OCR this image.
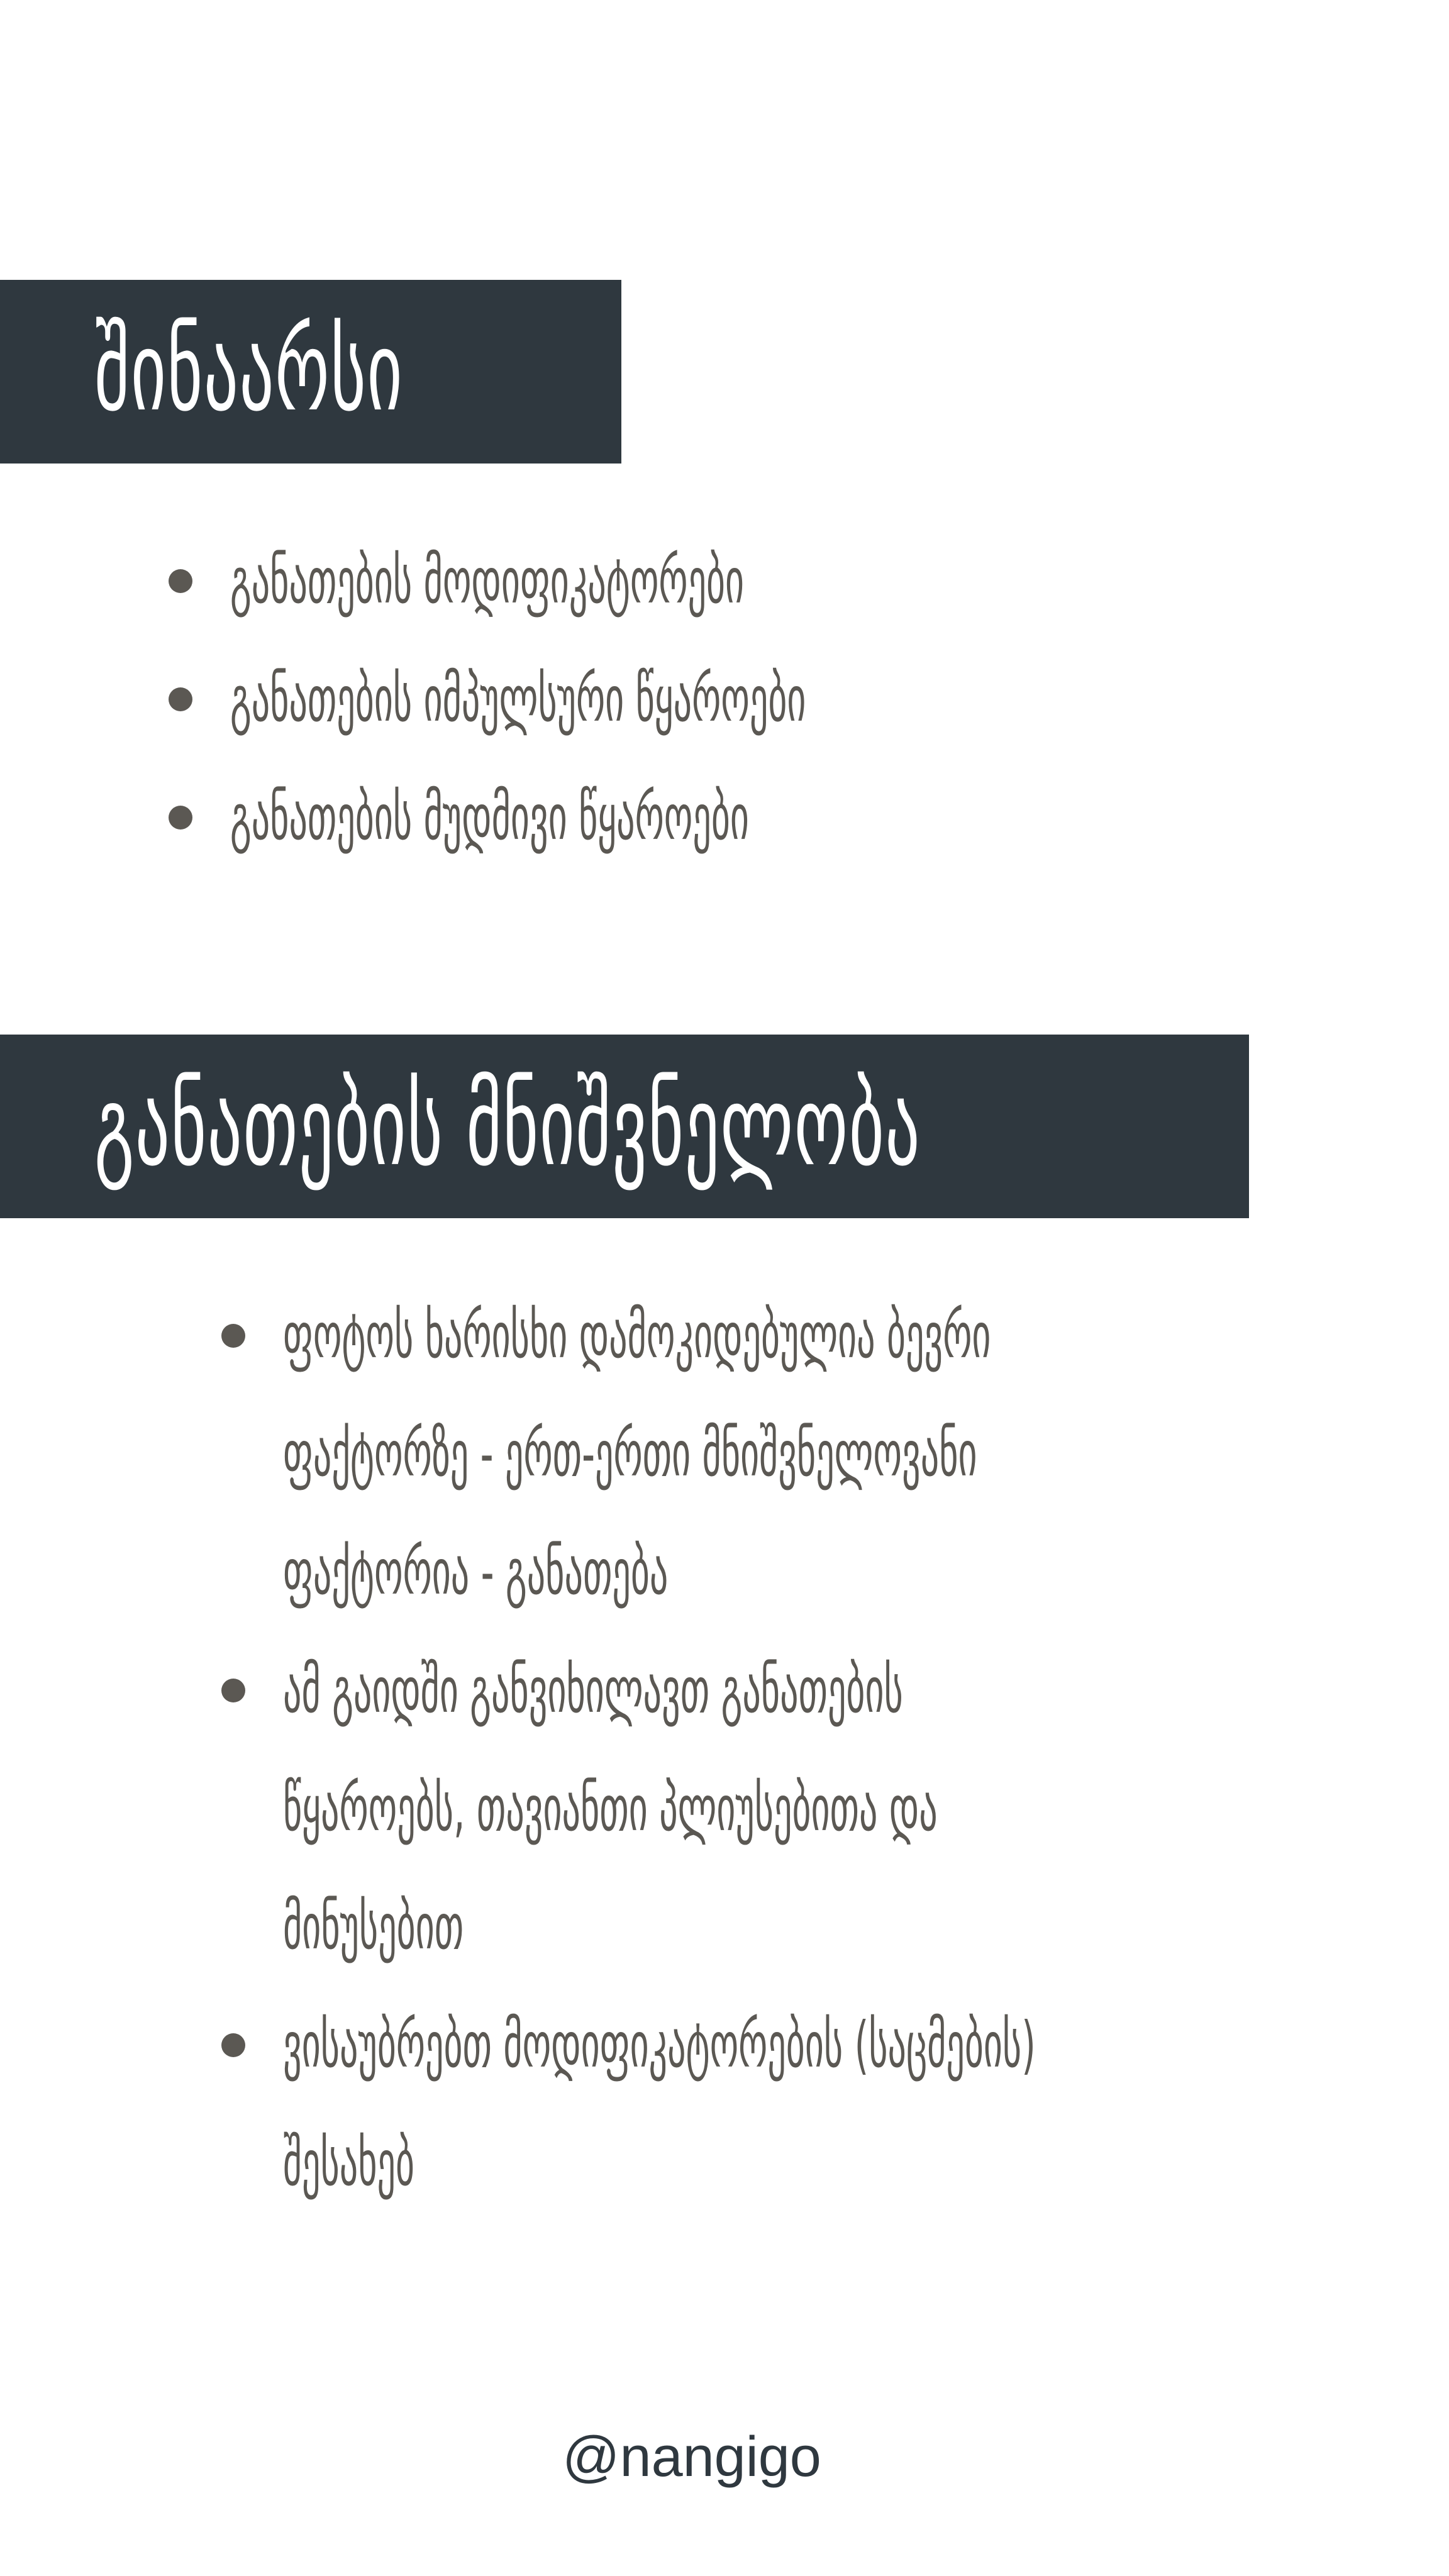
შინაარსი
განათების მოდიფიკატორები
განათების იმპულსური წყაროები
განათების მუდმივი წყაროები
განათების მნიშვნელობა
ფოტოს ხარისხი დამოკიდებულია ბევრი
ფაქტორზე - ერთ-ერთი მნიშვნელოვანი
ფაქტორია - განათება
ამ გაიდში განვიხილავთ განათების
წყაროებს, თავიანთი პლიუსებითა და
მინუსებით
ვისაუბრებთ მოდიფიკატორების (საცმების)
შესახებ
@nangigo
